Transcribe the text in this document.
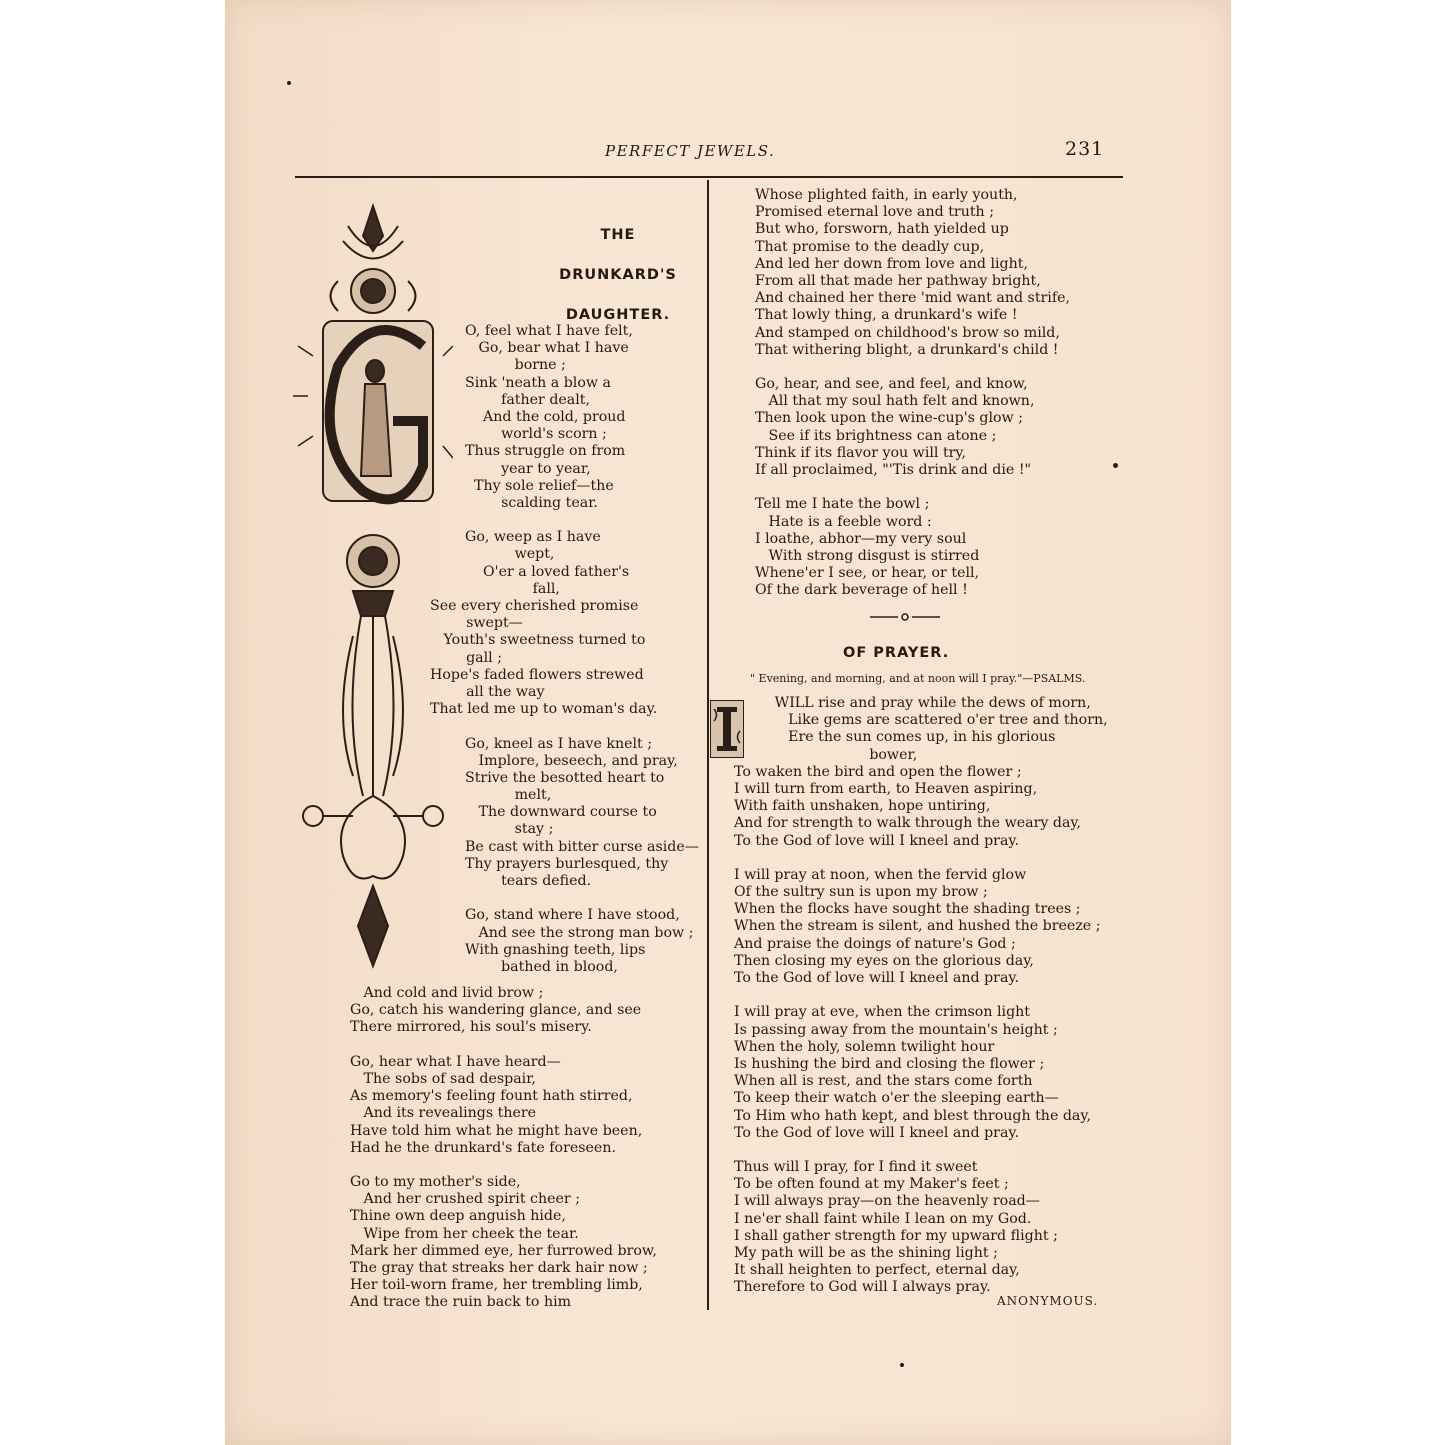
PERFECT JEWELS.	231
THE
DRUNKARD'S
DAUGHTER.
O, feel what I have felt,
Go, bear what I have
borne ;
Sink 'neath a blow a
father dealt,
And the cold, proud
world's scorn ;
Thus struggle on from
year to year,
Thy sole relief—the
scalding tear.
Go, weep as I have
wept,
O'er a loved father's
fall,
See every cherished promise
swept—
Youth's sweetness turned to
gall ;
Hope's faded flowers strewed
all the way
That led me up to woman's day.
Go, kneel as I have knelt ;
Implore, beseech, and pray,
Strive the besotted heart to
melt,
The downward course to
stay ;
Be cast with bitter curse aside—
Thy prayers burlesqued, thy
tears defied.
Go, stand where I have stood,
And see the strong man bow ;
With gnashing teeth, lips
bathed in blood,
And cold and livid brow ;
Go, catch his wandering glance, and see
There mirrored, his soul's misery.
Go, hear what I have heard—
The sobs of sad despair,
As memory's feeling fount hath stirred,
And its revealings there
Have told him what he might have been,
Had he the drunkard's fate foreseen.
Go to my mother's side,
And her crushed spirit cheer ;
Thine own deep anguish hide,
Wipe from her cheek the tear.
Mark her dimmed eye, her furrowed brow,
The gray that streaks her dark hair now ;
Her toil-worn frame, her trembling limb,
And trace the ruin back to him
Whose plighted faith, in early youth,
Promised eternal love and truth ;
But who, forsworn, hath yielded up
That promise to the deadly cup,
And led her down from love and light,
From all that made her pathway bright,
And chained her there 'mid want and strife,
That lowly thing, a drunkard's wife !
And stamped on childhood's brow so mild,
That withering blight, a drunkard's child !
Go, hear, and see, and feel, and know,
All that my soul hath felt and known,
Then look upon the wine-cup's glow ;
See if its brightness can atone ;
Think if its flavor you will try,
If all proclaimed, "'Tis drink and die !"
Tell me I hate the bowl ;
Hate is a feeble word :
I loathe, abhor—my very soul
With strong disgust is stirred
Whene'er I see, or hear, or tell,
Of the dark beverage of hell !
OF PRAYER.
" Evening, and morning, and at noon will I pray."—PSALMS.
WILL rise and pray while the dews of morn,
Like gems are scattered o'er tree and thorn,
Ere the sun comes up, in his glorious
bower,
To waken the bird and open the flower ;
I will turn from earth, to Heaven aspiring,
With faith unshaken, hope untiring,
And for strength to walk through the weary day,
To the God of love will I kneel and pray.
I will pray at noon, when the fervid glow
Of the sultry sun is upon my brow ;
When the flocks have sought the shading trees ;
When the stream is silent, and hushed the breeze ;
And praise the doings of nature's God ;
Then closing my eyes on the glorious day,
To the God of love will I kneel and pray.
I will pray at eve, when the crimson light
Is passing away from the mountain's height ;
When the holy, solemn twilight hour
Is hushing the bird and closing the flower ;
When all is rest, and the stars come forth
To keep their watch o'er the sleeping earth—
To Him who hath kept, and blest through the day,
To the God of love will I kneel and pray.
Thus will I pray, for I find it sweet
To be often found at my Maker's feet ;
I will always pray—on the heavenly road—
I ne'er shall faint while I lean on my God.
I shall gather strength for my upward flight ;
My path will be as the shining light ;
It shall heighten to perfect, eternal day,
Therefore to God will I always pray.
ANONYMOUS.
